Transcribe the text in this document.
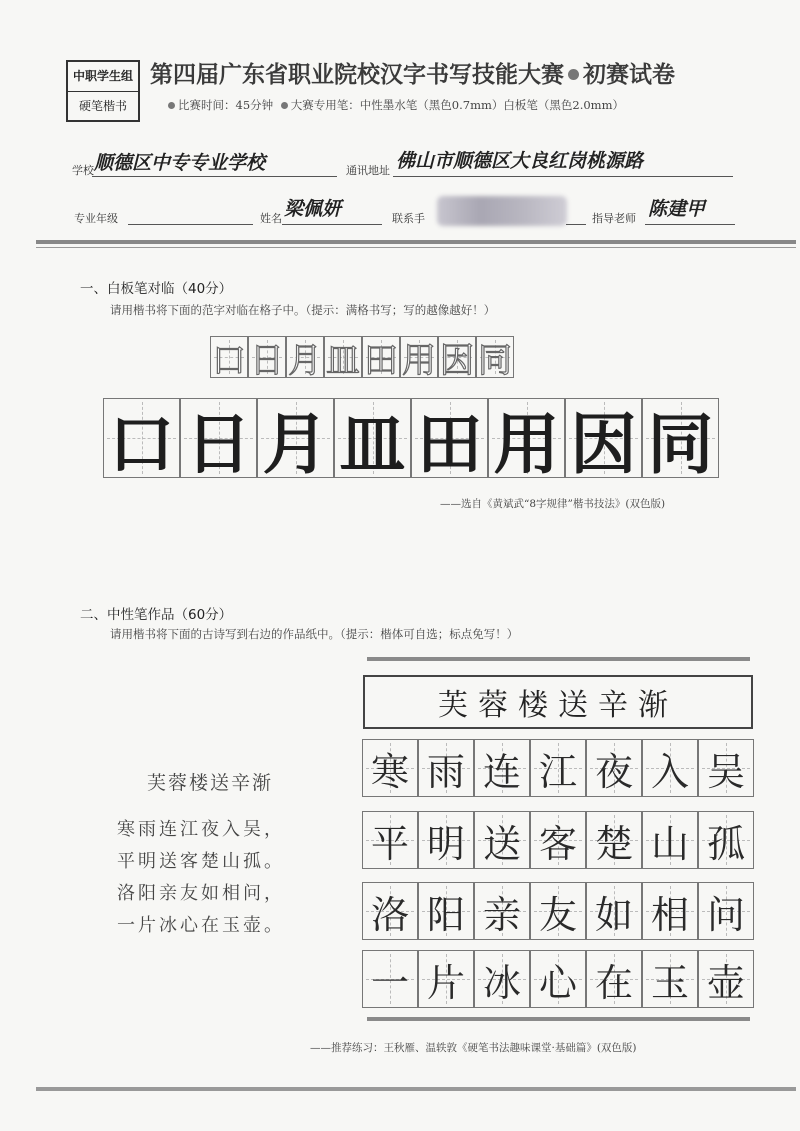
中职学生组
硬笔楷书
第四届广东省职业院校汉字书写技能大赛 初赛试卷
比赛时间：45分钟 大赛专用笔：中性墨水笔（黑色0.7mm）白板笔（黑色2.0mm）
学校 顺德区中专专业学校	通讯地址 佛山市顺德区大良红岗桃源路
专业年级	姓名 梁佩妍	联系手	指导老师 陈建甲
一、白板笔对临（40分）
请用楷书将下面的范字对临在格子中。（提示：满格书写；写的越像越好！）
口 日 月 皿 田 用 因 同
口 日 月 皿 田 用 因 同
——选自《黄斌武“8字规律”楷书技法》(双色版)
二、中性笔作品（60分）
请用楷书将下面的古诗写到右边的作品纸中。（提示：楷体可自选；标点免写！）
芙蓉楼送辛渐
寒雨连江夜入吴，
平明送客楚山孤。
洛阳亲友如相问，
一片冰心在玉壶。
芙蓉楼送辛渐
寒 雨 连 江 夜 入 吴
平 明 送 客 楚 山 孤
洛 阳 亲 友 如 相 问
一 片 冰 心 在 玉 壶
——推荐练习：王秋雁、温轶敦《硬笔书法趣味课堂·基础篇》(双色版)
